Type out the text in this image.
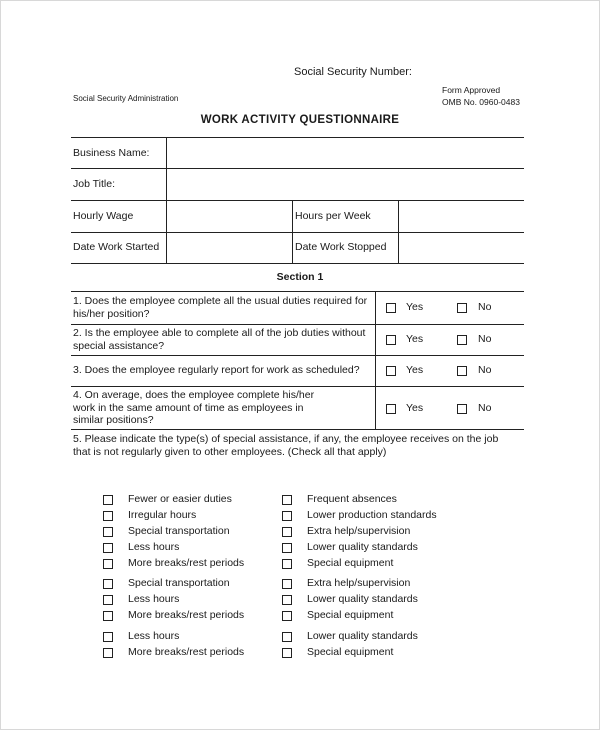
Social Security Number:
Social Security Administration
Form Approved
OMB No. 0960-0483
WORK ACTIVITY QUESTIONNAIRE
Business Name:
Job Title:
Hourly Wage	Hours per Week
Date Work Started	Date Work Stopped
Section 1
1. Does the employee complete all the usual duties required for
his/her position?
Yes	No
2. Is the employee able to complete all of the job duties without
special assistance?
Yes	No
3. Does the employee regularly report for work as scheduled?	Yes	No
4. On average, does the employee complete his/her
work in the same amount of time as employees in
similar positions?
Yes	No
5. Please indicate the type(s) of special assistance, if any, the employee receives on the job
that is not regularly given to other employees. (Check all that apply)
Fewer or easier duties
Irregular hours
Special transportation
Less hours
More breaks/rest periods
Special transportation
Less hours
More breaks/rest periods
Less hours
More breaks/rest periods
Frequent absences
Lower production standards
Extra help/supervision
Lower quality standards
Special equipment
Extra help/supervision
Lower quality standards
Special equipment
Lower quality standards
Special equipment
